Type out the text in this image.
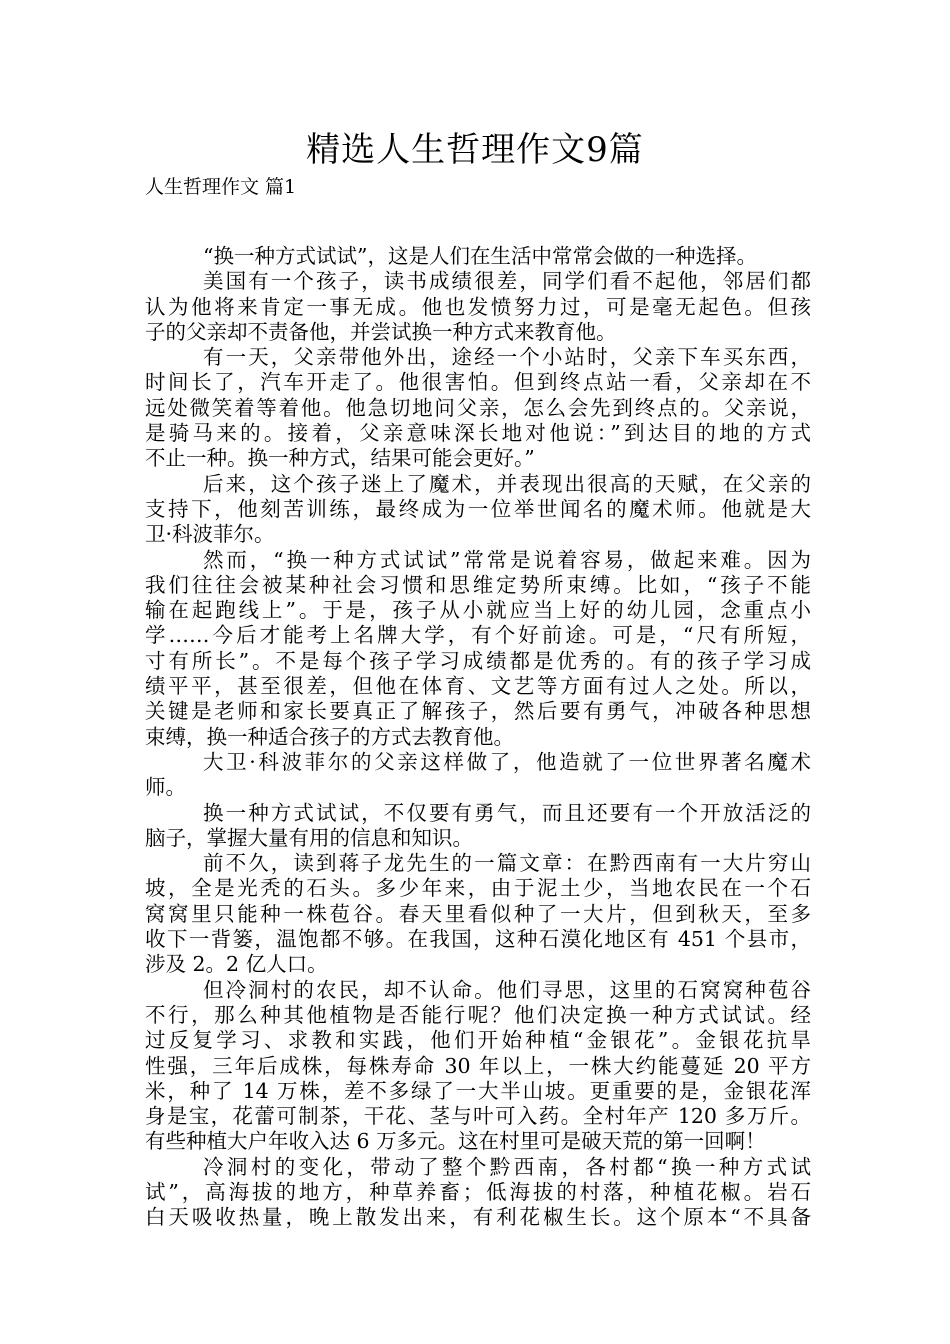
精选人生哲理作文9篇
人生哲理作文 篇1
“换一种方式试试”，这是人们在生活中常常会做的一种选择。
美国有一个孩子，读书成绩很差，同学们看不起他，邻居们都
认为他将来肯定一事无成。他也发愤努力过，可是毫无起色。但孩
子的父亲却不责备他，并尝试换一种方式来教育他。
有一天，父亲带他外出，途经一个小站时，父亲下车买东西，
时间长了，汽车开走了。他很害怕。但到终点站一看，父亲却在不
远处微笑着等着他。他急切地问父亲，怎么会先到终点的。父亲说，
是骑马来的。接着，父亲意味深长地对他说：”到达目的地的方式
不止一种。换一种方式，结果可能会更好。”
后来，这个孩子迷上了魔术，并表现出很高的天赋，在父亲的
支持下，他刻苦训练，最终成为一位举世闻名的魔术师。他就是大
卫·科波菲尔。
然而，“换一种方式试试”常常是说着容易，做起来难。因为
我们往往会被某种社会习惯和思维定势所束缚。比如，“孩子不能
输在起跑线上”。于是，孩子从小就应当上好的幼儿园，念重点小
学……今后才能考上名牌大学，有个好前途。可是，“尺有所短，
寸有所长”。不是每个孩子学习成绩都是优秀的。有的孩子学习成
绩平平，甚至很差，但他在体育、文艺等方面有过人之处。所以，
关键是老师和家长要真正了解孩子，然后要有勇气，冲破各种思想
束缚，换一种适合孩子的方式去教育他。
大卫·科波菲尔的父亲这样做了，他造就了一位世界著名魔术
师。
换一种方式试试，不仅要有勇气，而且还要有一个开放活泛的
脑子，掌握大量有用的信息和知识。
前不久，读到蒋子龙先生的一篇文章：在黔西南有一大片穷山
坡，全是光秃的石头。多少年来，由于泥土少，当地农民在一个石
窝窝里只能种一株苞谷。春天里看似种了一大片，但到秋天，至多
收下一背篓，温饱都不够。在我国，这种石漠化地区有 451 个县市，
涉及 2。2 亿人口。
但冷洞村的农民，却不认命。他们寻思，这里的石窝窝种苞谷
不行，那么种其他植物是否能行呢？他们决定换一种方式试试。经
过反复学习、求教和实践，他们开始种植“金银花”。金银花抗旱
性强，三年后成株，每株寿命 30 年以上，一株大约能蔓延 20 平方
米，种了 14 万株，差不多绿了一大半山坡。更重要的是，金银花浑
身是宝，花蕾可制茶，干花、茎与叶可入药。全村年产 120 多万斤。
有些种植大户年收入达 6 万多元。这在村里可是破天荒的第一回啊！
冷洞村的变化，带动了整个黔西南，各村都“换一种方式试
试”，高海拔的地方，种草养畜；低海拔的村落，种植花椒。岩石
白天吸收热量，晚上散发出来，有利花椒生长。这个原本“不具备
